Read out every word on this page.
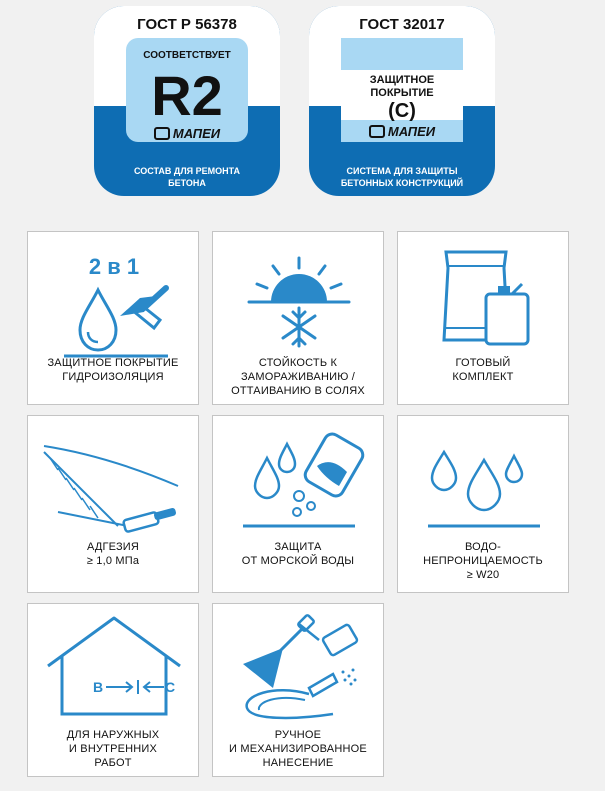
ГОСТ Р 56378
СООТВЕТСТВУЕТ
R2
МАПЕИ
СОСТАВ ДЛЯ РЕМОНТА
БЕТОНА
ГОСТ 32017
ЗАЩИТНОЕ
ПОКРЫТИЕ
(С)
МАПЕИ
СИСТЕМА ДЛЯ ЗАЩИТЫ
БЕТОННЫХ КОНСТРУКЦИЙ
2 в 1
ЗАЩИТНОЕ ПОКРЫТИЕ
ГИДРОИЗОЛЯЦИЯ
СТОЙКОСТЬ К
ЗАМОРАЖИВАНИЮ /
ОТТАИВАНИЮ В СОЛЯХ
ГОТОВЫЙ
КОМПЛЕКТ
АДГЕЗИЯ
≥ 1,0 МПа
ЗАЩИТА
ОТ МОРСКОЙ ВОДЫ
ВОДО-
НЕПРОНИЦАЕМОСТЬ
≥ W20
В	С
ДЛЯ НАРУЖНЫХ
И ВНУТРЕННИХ
РАБОТ
РУЧНОЕ
И МЕХАНИЗИРОВАННОЕ
НАНЕСЕНИЕ
